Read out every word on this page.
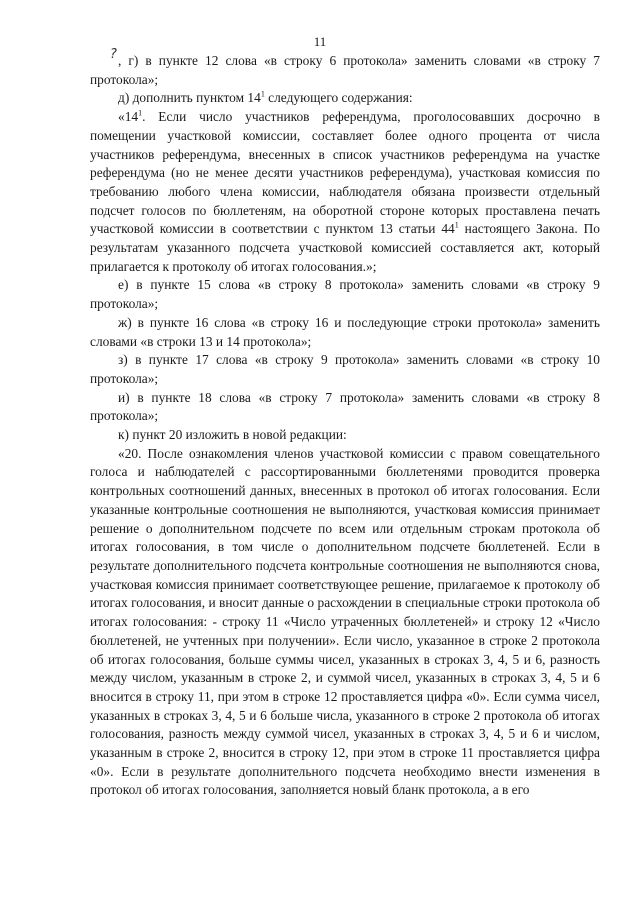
11
? , г) в пункте 12 слова «в строку 6 протокола» заменить словами «в строку 7 протокола»;

д) дополнить пунктом $14^1$ следующего содержания:

«$14^1$. Если число участников референдума, проголосовавших досрочно в помещении участковой комиссии, составляет более одного процента от числа участников референдума, внесенных в список участников референдума на участке референдума (но не менее десяти участников референдума), участковая комиссия по требованию любого члена комиссии, наблюдателя обязана произвести отдельный подсчет голосов по бюллетеням, на оборотной стороне которых проставлена печать участковой комиссии в соответствии с пунктом 13 статьи $44^1$ настоящего Закона. По результатам указанного подсчета участковой комиссией составляется акт, который прилагается к протоколу об итогах голосования.»;

е) в пункте 15 слова «в строку 8 протокола» заменить словами «в строку 9 протокола»;

ж) в пункте 16 слова «в строку 16 и последующие строки протокола» заменить словами «в строки 13 и 14 протокола»;

з) в пункте 17 слова «в строку 9 протокола» заменить словами «в строку 10 протокола»;

и) в пункте 18 слова «в строку 7 протокола» заменить словами «в строку 8 протокола»;

к) пункт 20 изложить в новой редакции:

«20. После ознакомления членов участковой комиссии с правом совещательного голоса и наблюдателей с рассортированными бюллетенями проводится проверка контрольных соотношений данных, внесенных в протокол об итогах голосования. Если указанные контрольные соотношения не выполняются, участковая комиссия принимает решение о дополнительном подсчете по всем или отдельным строкам протокола об итогах голосования, в том числе о дополнительном подсчете бюллетеней. Если в результате дополнительного подсчета контрольные соотношения не выполняются снова, участковая комиссия принимает соответствующее решение, прилагаемое к протоколу об итогах голосования, и вносит данные о расхождении в специальные строки протокола об итогах голосования: - строку 11 «Число утраченных бюллетеней» и строку 12 «Число бюллетеней, не учтенных при получении». Если число, указанное в строке 2 протокола об итогах голосования, больше суммы чисел, указанных в строках 3, 4, 5 и 6, разность между числом, указанным в строке 2, и суммой чисел, указанных в строках 3, 4, 5 и 6 вносится в строку 11, при этом в строке 12 проставляется цифра «0». Если сумма чисел, указанных в строках 3, 4, 5 и 6 больше числа, указанного в строке 2 протокола об итогах голосования, разность между суммой чисел, указанных в строках 3, 4, 5 и 6 и числом, указанным в строке 2, вносится в строку 12, при этом в строке 11 проставляется цифра «0». Если в результате дополнительного подсчета необходимо внести изменения в протокол об итогах голосования, заполняется новый бланк протокола, а в его
